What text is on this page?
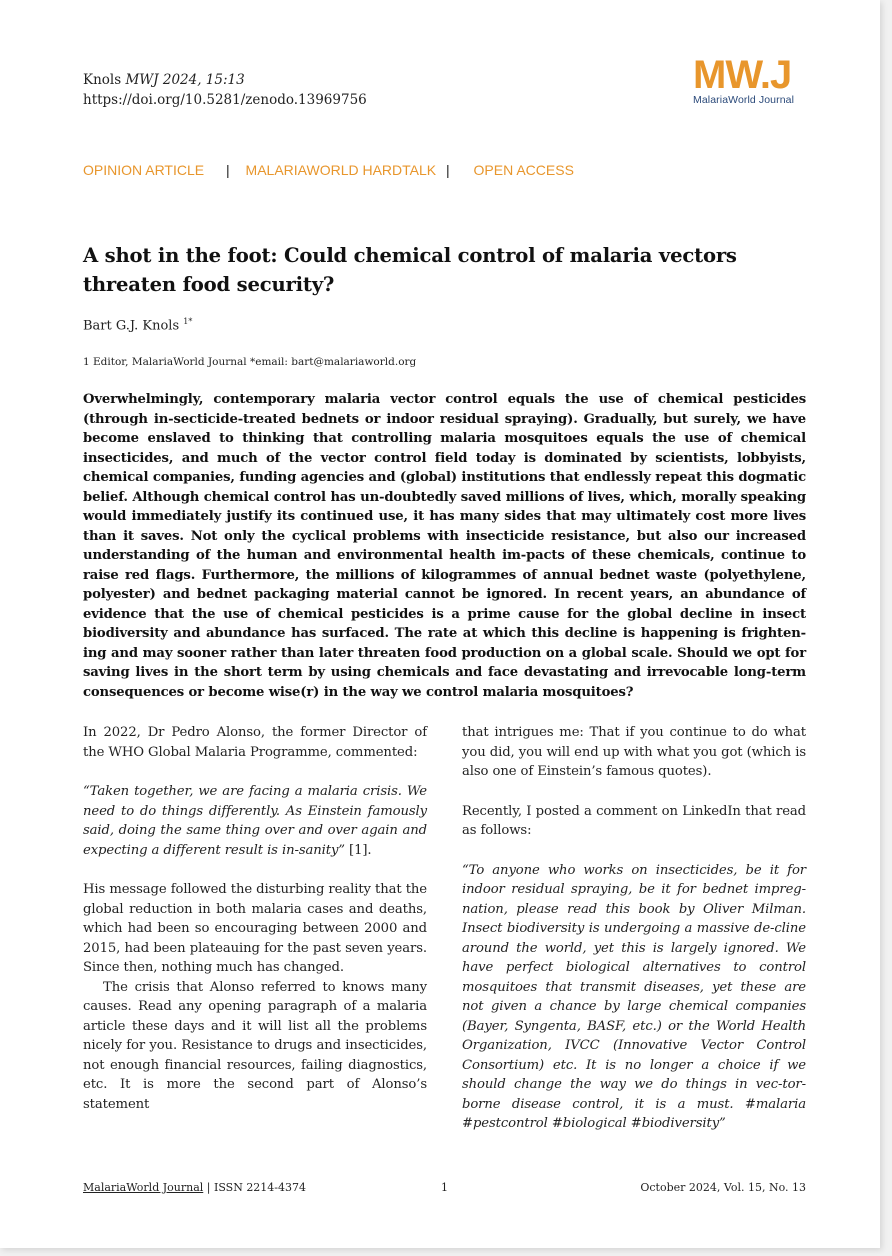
Knols MWJ 2024, 15:13
https://doi.org/10.5281/zenodo.13969756
MW.J
MalariaWorld Journal
OPINION ARTICLE | MALARIAWORLD HARDTALK | OPEN ACCESS
A shot in the foot: Could chemical control of malaria vectors threaten food security?
Bart G.J. Knols $^{1*}$
1 Editor, MalariaWorld Journal *email: bart@malariaworld.org
Overwhelmingly, contemporary malaria vector control equals the use of chemical pesticides (through in-secticide-treated bednets or indoor residual spraying). Gradually, but surely, we have become enslaved to thinking that controlling malaria mosquitoes equals the use of chemical insecticides, and much of the vector control field today is dominated by scientists, lobbyists, chemical companies, funding agencies and (global) institutions that endlessly repeat this dogmatic belief. Although chemical control has un-doubtedly saved millions of lives, which, morally speaking would immediately justify its continued use, it has many sides that may ultimately cost more lives than it saves. Not only the cyclical problems with insecticide resistance, but also our increased understanding of the human and environmental health im-pacts of these chemicals, continue to raise red flags. Furthermore, the millions of kilogrammes of annual bednet waste (polyethylene, polyester) and bednet packaging material cannot be ignored. In recent years, an abundance of evidence that the use of chemical pesticides is a prime cause for the global decline in insect biodiversity and abundance has surfaced. The rate at which this decline is happening is frighten-ing and may sooner rather than later threaten food production on a global scale. Should we opt for saving lives in the short term by using chemicals and face devastating and irrevocable long-term consequences or become wise(r) in the way we control malaria mosquitoes?

In 2022, Dr Pedro Alonso, the former Director of the WHO Global Malaria Programme, commented:

“Taken together, we are facing a malaria crisis. We need to do things differently. As Einstein famously said, doing the same thing over and over again and expecting a different result is in-sanity” [1].

His message followed the disturbing reality that the global reduction in both malaria cases and deaths, which had been so encouraging between 2000 and 2015, had been plateauing for the past seven years. Since then, nothing much has changed.

The crisis that Alonso referred to knows many causes. Read any opening paragraph of a malaria article these days and it will list all the problems nicely for you. Resistance to drugs and insecticides, not enough financial resources, failing diagnostics, etc. It is more the second part of Alonso’s statement

that intrigues me: That if you continue to do what you did, you will end up with what you got (which is also one of Einstein’s famous quotes).

Recently, I posted a comment on LinkedIn that read as follows:

“To anyone who works on insecticides, be it for indoor residual spraying, be it for bednet impreg-nation, please read this book by Oliver Milman. Insect biodiversity is undergoing a massive de-cline around the world, yet this is largely ignored. We have perfect biological alternatives to control mosquitoes that transmit diseases, yet these are not given a chance by large chemical companies (Bayer, Syngenta, BASF, etc.) or the World Health Organization, IVCC (Innovative Vector Control Consortium) etc. It is no longer a choice if we should change the way we do things in vec-tor-borne disease control, it is a must. #malaria #pestcontrol #biological #biodiversity”

MalariaWorld Journal | ISSN 2214-4374	1	October 2024, Vol. 15, No. 13
